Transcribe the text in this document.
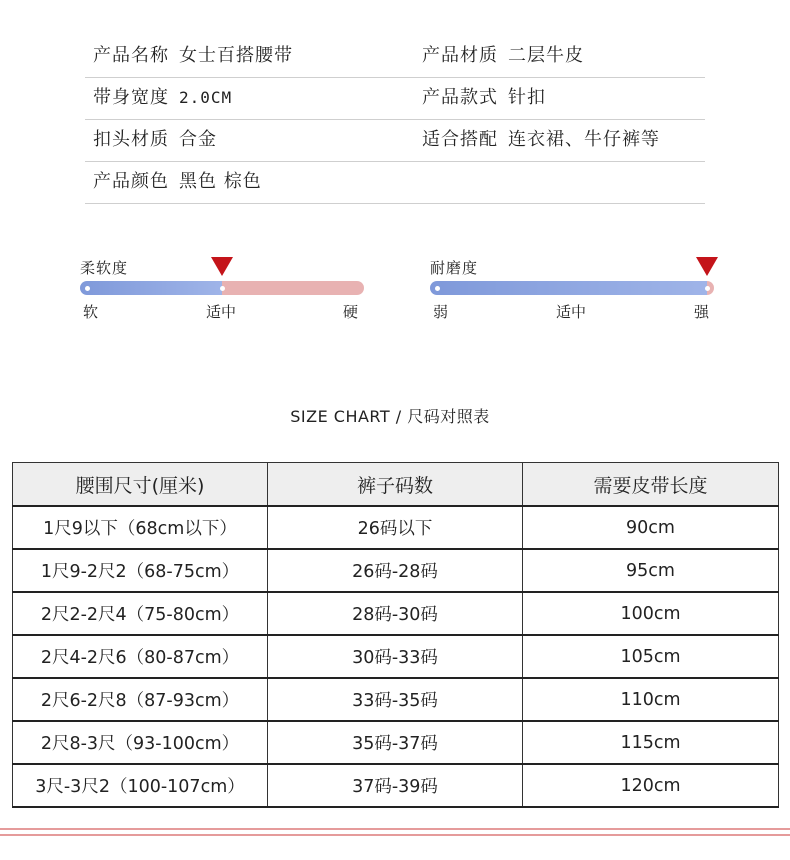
产品名称 女士百搭腰带	产品材质 二层牛皮
带身宽度 2.0CM	产品款式 针扣
扣头材质 合金	适合搭配 连衣裙、牛仔裤等
产品颜色 黑色 棕色
柔软度
软	适中	硬
耐磨度
弱	适中	强
SIZE CHART / 尺码对照表
腰围尺寸(厘米)	裤子码数	需要皮带长度
1尺9以下（68cm以下）	26码以下	90cm
1尺9-2尺2（68-75cm）	26码-28码	95cm
2尺2-2尺4（75-80cm）	28码-30码	100cm
2尺4-2尺6（80-87cm）	30码-33码	105cm
2尺6-2尺8（87-93cm）	33码-35码	110cm
2尺8-3尺（93-100cm）	35码-37码	115cm
3尺-3尺2（100-107cm）	37码-39码	120cm
